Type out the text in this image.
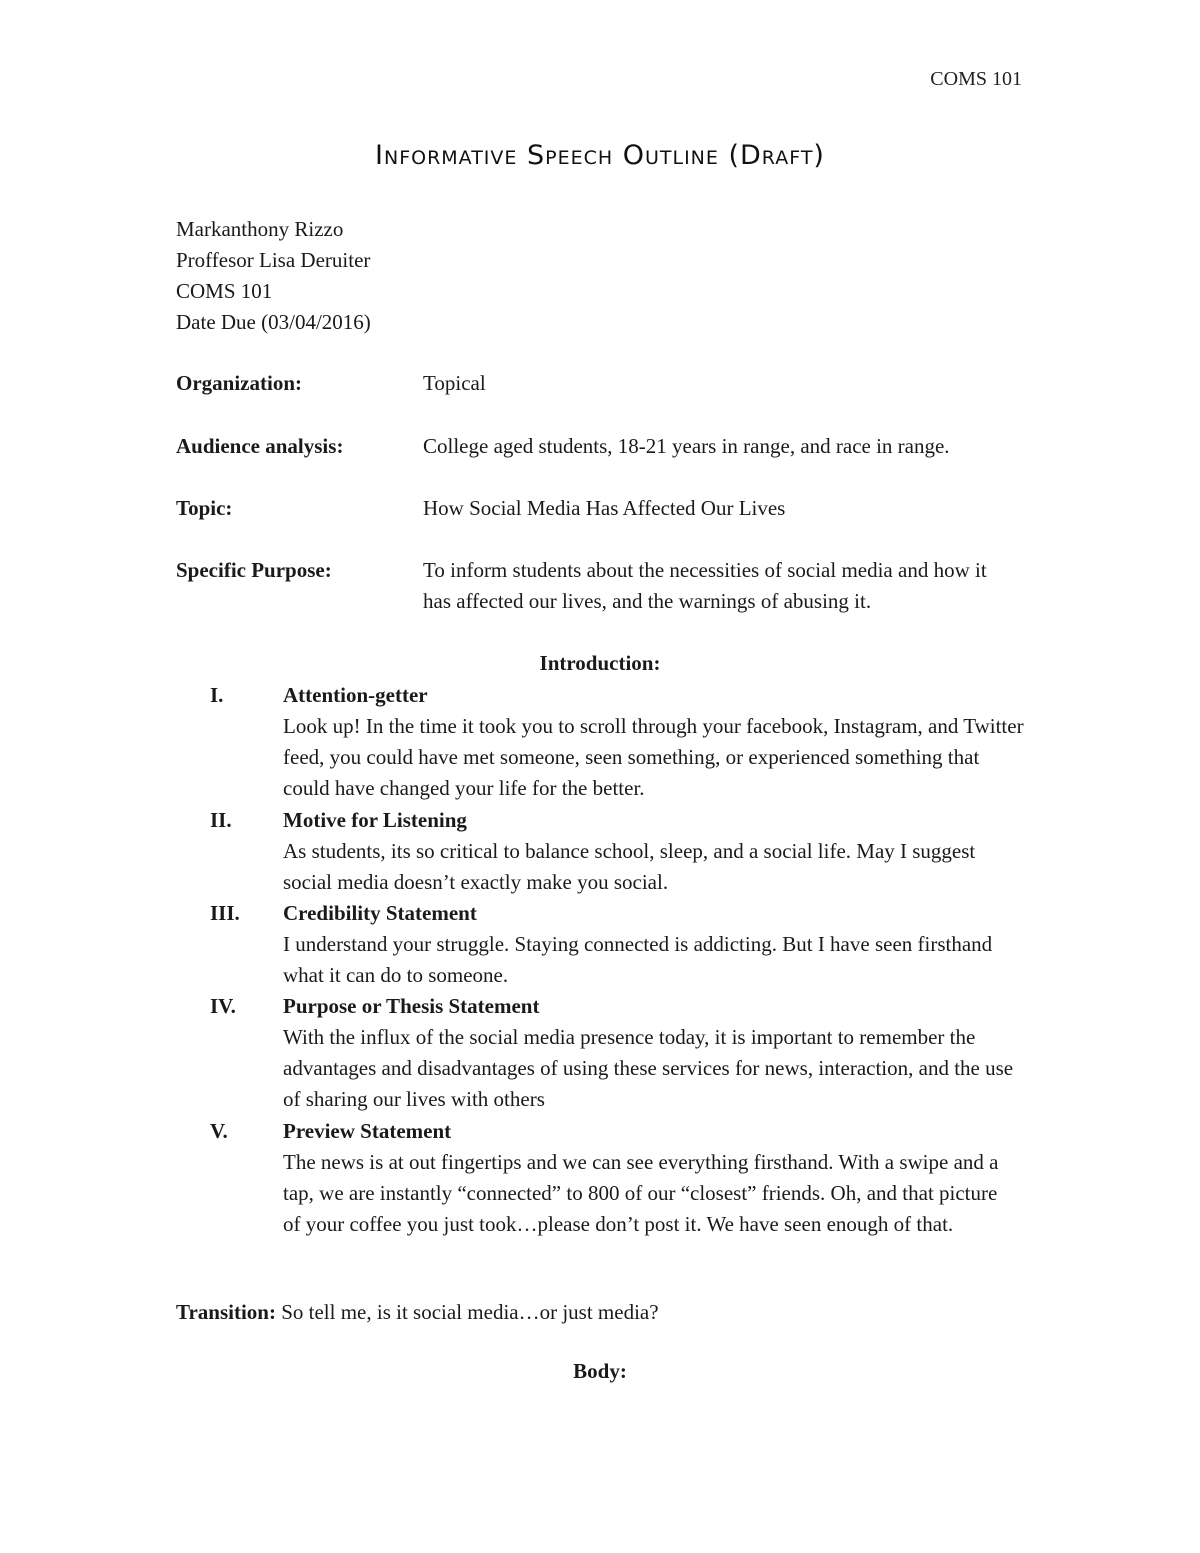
COMS 101
Informative Speech Outline (Draft)
Markanthony Rizzo
Proffesor Lisa Deruiter
COMS 101
Date Due (03/04/2016)
Organization:	Topical
Audience analysis:	College aged students, 18-21 years in range, and race in range.
Topic:	How Social Media Has Affected Our Lives
Specific Purpose:	To inform students about the necessities of social media and how it has affected our lives, and the warnings of abusing it.
Introduction:
I.	Attention-getter
Look up! In the time it took you to scroll through your facebook, Instagram, and Twitter feed, you could have met someone, seen something, or experienced something that could have changed your life for the better.
II. Motive for Listening
As students, its so critical to balance school, sleep, and a social life. May I suggest social media doesn’t exactly make you social.
III. Credibility Statement
I understand your struggle. Staying connected is addicting. But I have seen firsthand what it can do to someone.
IV. Purpose or Thesis Statement
With the influx of the social media presence today, it is important to remember the advantages and disadvantages of using these services for news, interaction, and the use of sharing our lives with others
V.	Preview Statement
The news is at out fingertips and we can see everything firsthand. With a swipe and a tap, we are instantly “connected” to 800 of our “closest” friends. Oh, and that picture of your coffee you just took…please don’t post it. We have seen enough of that.
Transition: So tell me, is it social media…or just media?
Body:
